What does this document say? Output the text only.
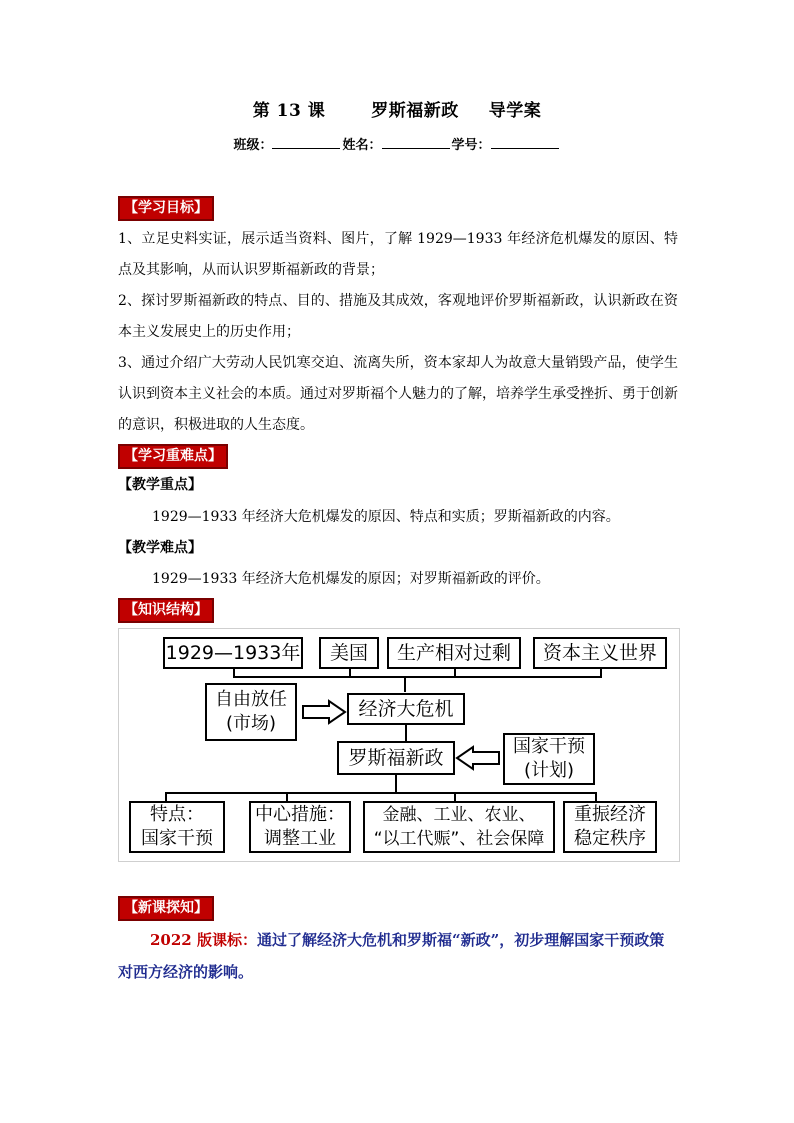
第 13 课	罗斯福新政 导学案
班级：	姓名：	学号：
【学习目标】
1、立足史料实证，展示适当资料、图片，了解 1929—1933 年经济危机爆发的原因、特点及其影响，从而认识罗斯福新政的背景；
2、探讨罗斯福新政的特点、目的、措施及其成效，客观地评价罗斯福新政，认识新政在资本主义发展史上的历史作用；
3、通过介绍广大劳动人民饥寒交迫、流离失所，资本家却人为故意大量销毁产品，使学生认识到资本主义社会的本质。通过对罗斯福个人魅力的了解，培养学生承受挫折、勇于创新的意识，积极进取的人生态度。
【学习重难点】
【教学重点】
1929—1933 年经济大危机爆发的原因、特点和实质；罗斯福新政的内容。
【教学难点】
1929—1933 年经济大危机爆发的原因；对罗斯福新政的评价。
【知识结构】
1929—1933年	美国	生产相对过剩	资本主义世界
自由放任
(市场)
经济大危机
罗斯福新政
国家干预
(计划)
特点：
国家干预
中心措施：
调整工业
金融、工业、农业、
“以工代赈”、社会保障
重振经济
稳定秩序
【新课探知】
2022 版课标：通过了解经济大危机和罗斯福“新政”，初步理解国家干预政策对西方经济的影响。
